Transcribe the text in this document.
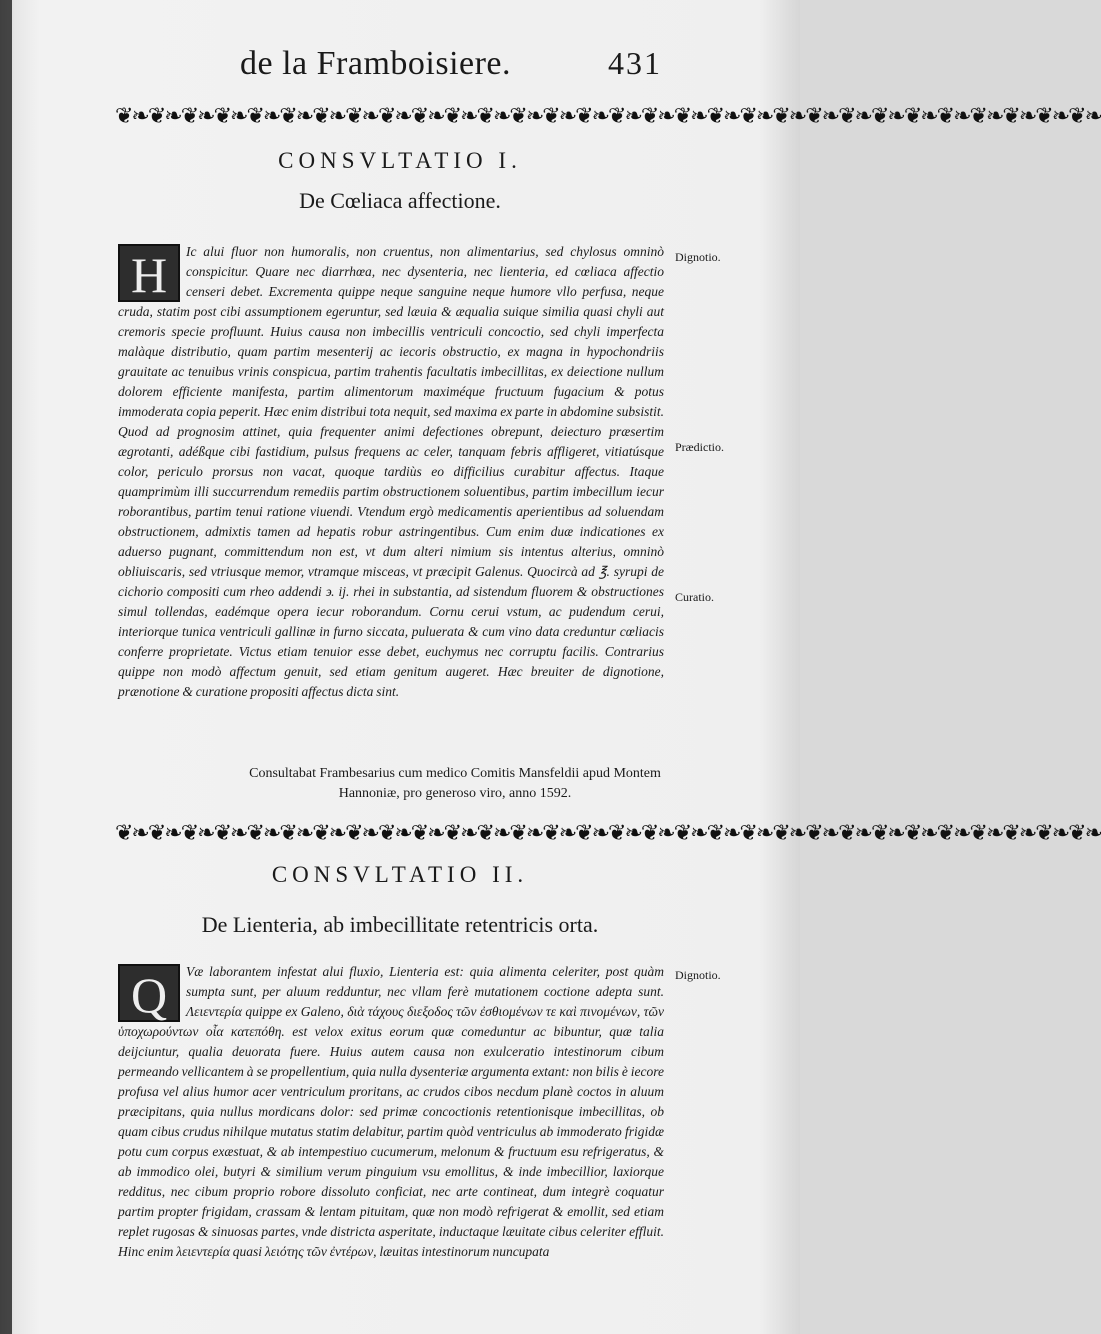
de la Framboisiere.	431
❦❧❦❧❦❧❦❧❦❧❦❧❦❧❦❧❦❧❦❧❦❧❦❧❦❧❦❧❦❧❦❧❦❧❦❧❦❧❦❧❦❧❦❧❦❧❦❧❦❧❦❧❦❧❦❧❦❧❦❧
CONSVLTATIO I.
De Cœliaca affectione.
H	Ic alui fluor non humoralis, non cruentus, non alimentarius, sed chylosus omninò conspicitur. Quare nec diarrhœa, nec dysenteria, nec lienteria, ed cœliaca affectio censeri debet. Excrementa quippe neque sanguine neque humore vllo perfusa, neque cruda, statim post cibi assumptionem egeruntur, sed læuia & æqualia suique similia quasi chyli aut cremoris specie profluunt. Huius causa non imbecillis ventriculi concoctio, sed chyli imperfecta malàque distributio, quam partim mesenterij ac iecoris obstructio, ex magna in hypochondriis grauitate ac tenuibus vrinis conspicua, partim trahentis facultatis imbecillitas, ex deiectione nullum dolorem efficiente manifesta, partim alimentorum maximéque fructuum fugacium & potus immoderata copia peperit. Hæc enim distribui tota nequit, sed maxima ex parte in abdomine subsistit. Quod ad prognosim attinet, quia frequenter animi defectiones obrepunt, deiecturo præsertim ægrotanti, adéßque cibi fastidium, pulsus frequens ac celer, tanquam febris affligeret, vitiatúsque color, periculo prorsus non vacat, quoque tardiùs eo difficilius curabitur affectus. Itaque quamprimùm illi succurrendum remediis partim obstructionem soluentibus, partim imbecillum iecur roborantibus, partim tenui ratione viuendi. Vtendum ergò medicamentis aperientibus ad soluendam obstructionem, admixtis tamen ad hepatis robur astringentibus. Cum enim duæ indicationes ex aduerso pugnant, committendum non est, vt dum alteri nimium sis intentus alterius, omninò obliuiscaris, sed vtriusque memor, vtramque misceas, vt præcipit Galenus. Quocircà ad ℥. syrupi de cichorio compositi cum rheo addendi ϶. ij. rhei in substantia, ad sistendum fluorem & obstructiones simul tollendas, eadémque opera iecur roborandum. Cornu cerui vstum, ac pudendum cerui, interiorque tunica ventriculi gallinæ in furno siccata, puluerata & cum vino data creduntur cœliacis conferre proprietate. Victus etiam tenuior esse debet, euchymus nec corruptu facilis. Contrarius quippe non modò affectum genuit, sed etiam genitum augeret. Hæc breuiter de dignotione, prænotione & curatione propositi affectus dicta sint.

Dignotio.
Prædictio.
Curatio.
Consultabat Frambesarius cum medico Comitis Mansfeldii apud Montem Hannoniæ, pro generoso viro, anno 1592.
❦❧❦❧❦❧❦❧❦❧❦❧❦❧❦❧❦❧❦❧❦❧❦❧❦❧❦❧❦❧❦❧❦❧❦❧❦❧❦❧❦❧❦❧❦❧❦❧❦❧❦❧❦❧❦❧❦❧❦❧
CONSVLTATIO II.
De Lienteria, ab imbecillitate retentricis orta.
Q	Væ laborantem infestat alui fluxio, Lienteria est: quia alimenta celeriter, post quàm sumpta sunt, per aluum redduntur, nec vllam ferè mutationem coctione adepta sunt. Λειεντερία quippe ex Galeno, διὰ τάχους διεξοδος τῶν ἐσθιομένων τε καὶ πινομένων, τῶν ὑποχωρούντων οἷα κατεπόθη. est velox exitus eorum quæ comeduntur ac bibuntur, quæ talia deijciuntur, qualia deuorata fuere. Huius autem causa non exulceratio intestinorum cibum permeando vellicantem à se propellentium, quia nulla dysenteriæ argumenta extant: non bilis è iecore profusa vel alius humor acer ventriculum proritans, ac crudos cibos necdum planè coctos in aluum præcipitans, quia nullus mordicans dolor: sed primæ concoctionis retentionisque imbecillitas, ob quam cibus crudus nihilque mutatus statim delabitur, partim quòd ventriculus ab immoderato frigidæ potu cum corpus exæstuat, & ab intempestiuo cucumerum, melonum & fructuum esu refrigeratus, & ab immodico olei, butyri & similium verum pinguium vsu emollitus, & inde imbecillior, laxiorque redditus, nec cibum proprio robore dissoluto conficiat, nec arte contineat, dum integrè coquatur partim propter frigidam, crassam & lentam pituitam, quæ non modò refrigerat & emollit, sed etiam replet rugosas & sinuosas partes, vnde districta asperitate, inductaque læuitate cibus celeriter effluit. Hinc enim λειεντερία quasi λειότης τῶν ἐντέρων, læuitas intestinorum nuncupata

Dignotio.
